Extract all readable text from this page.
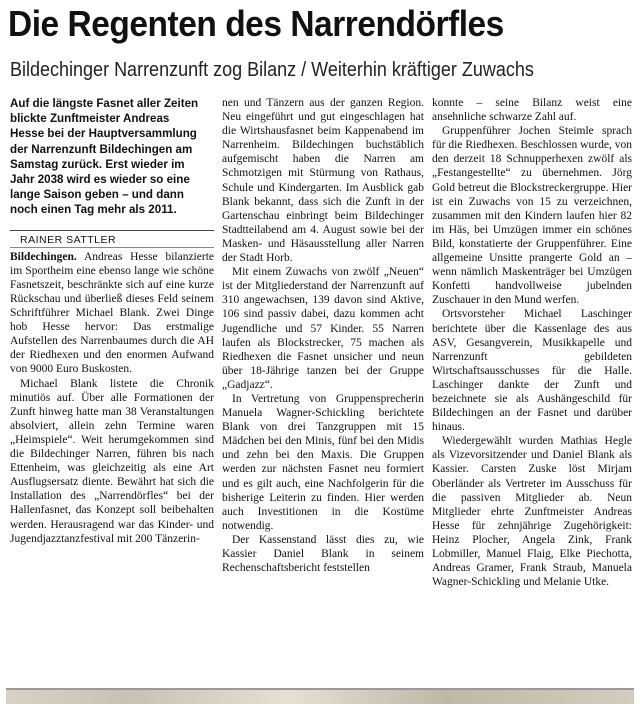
Die Regenten des Narrendörfles
Bildechinger Narrenzunft zog Bilanz / Weiterhin kräftiger Zuwachs
Auf die längste Fasnet aller Zeiten blickte Zunftmeister Andreas Hesse bei der Hauptversammlung der Narrenzunft Bildechingen am Samstag zurück. Erst wieder im Jahr 2038 wird es wieder so eine lange Saison geben – und dann noch einen Tag mehr als 2011.

RAINER SATTLER

Bildechingen. Andreas Hesse bilanzierte im Sportheim eine ebenso lange wie schöne Fasnetszeit, beschränkte sich auf eine kurze Rückschau und überließ dieses Feld seinem Schriftführer Michael Blank. Zwei Dinge hob Hesse hervor: Das erstmalige Aufstellen des Narrenbaumes durch die AH der Riedhexen und den enormen Aufwand von 9000 Euro Buskosten.

Michael Blank listete die Chronik minutiös auf. Über alle Formationen der Zunft hinweg hatte man 38 Veranstaltungen absolviert, allein zehn Termine waren „Heimspiele“. Weit herumgekommen sind die Bildechinger Narren, führen bis nach Ettenheim, was gleichzeitig als eine Art Ausflugsersatz diente. Bewährt hat sich die Installation des „Narrendörfles“ bei der Hallenfasnet, das Konzept soll beibehalten werden. Herausragend war das Kinder- und Jugendjazztanzfestival mit 200 Tänzerin-

nen und Tänzern aus der ganzen Region. Neu eingeführt und gut eingeschlagen hat die Wirtshausfasnet beim Kappenabend im Narrenheim. Bildechingen buchstäblich aufgemischt haben die Narren am Schmotzigen mit Stürmung von Rathaus, Schule und Kindergarten. Im Ausblick gab Blank bekannt, dass sich die Zunft in der Gartenschau einbringt beim Bildechinger Stadtteilabend am 4. August sowie bei der Masken- und Häsausstellung aller Narren der Stadt Horb.

Mit einem Zuwachs von zwölf „Neuen“ ist der Mitgliederstand der Narrenzunft auf 310 angewachsen, 139 davon sind Aktive, 106 sind passiv dabei, dazu kommen acht Jugendliche und 57 Kinder. 55 Narren laufen als Blockstrecker, 75 machen als Riedhexen die Fasnet unsicher und neun über 18-Jährige tanzen bei der Gruppe „Gadjazz“.

In Vertretung von Gruppensprecherin Manuela Wagner-Schickling berichtete Blank von drei Tanzgruppen mit 15 Mädchen bei den Minis, fünf bei den Midis und zehn bei den Maxis. Die Gruppen werden zur nächsten Fasnet neu formiert und es gilt auch, eine Nachfolgerin für die bisherige Leiterin zu finden. Hier werden auch Investitionen in die Kostüme notwendig.

Der Kassenstand lässt dies zu, wie Kassier Daniel Blank in seinem Rechenschaftsbericht feststellen

konnte – seine Bilanz weist eine ansehnliche schwarze Zahl auf.

Gruppenführer Jochen Steimle sprach für die Riedhexen. Beschlossen wurde, von den derzeit 18 Schnupperhexen zwölf als „Festangestellte“ zu übernehmen. Jörg Gold betreut die Blockstreckergruppe. Hier ist ein Zuwachs von 15 zu verzeichnen, zusammen mit den Kindern laufen hier 82 im Häs, bei Umzügen immer ein schönes Bild, konstatierte der Gruppenführer. Eine allgemeine Unsitte prangerte Gold an – wenn nämlich Maskenträger bei Umzügen Konfetti handvollweise jubelnden Zuschauer in den Mund werfen.

Ortsvorsteher Michael Laschinger berichtete über die Kassenlage des aus ASV, Gesangverein, Musikkapelle und Narrenzunft gebildeten Wirtschaftsausschusses für die Halle. Laschinger dankte der Zunft und bezeichnete sie als Aushängeschild für Bildechingen an der Fasnet und darüber hinaus.

Wiedergewählt wurden Mathias Hegle als Vizevorsitzender und Daniel Blank als Kassier. Carsten Zuske löst Mirjam Oberländer als Vertreter im Ausschuss für die passiven Mitglieder ab. Neun Mitglieder ehrte Zunftmeister Andreas Hesse für zehnjährige Zugehörigkeit: Heinz Plocher, Angela Zink, Frank Lobmiller, Manuel Flaig, Elke Piechotta, Andreas Gramer, Frank Straub, Manuela Wagner-Schickling und Melanie Utke.
